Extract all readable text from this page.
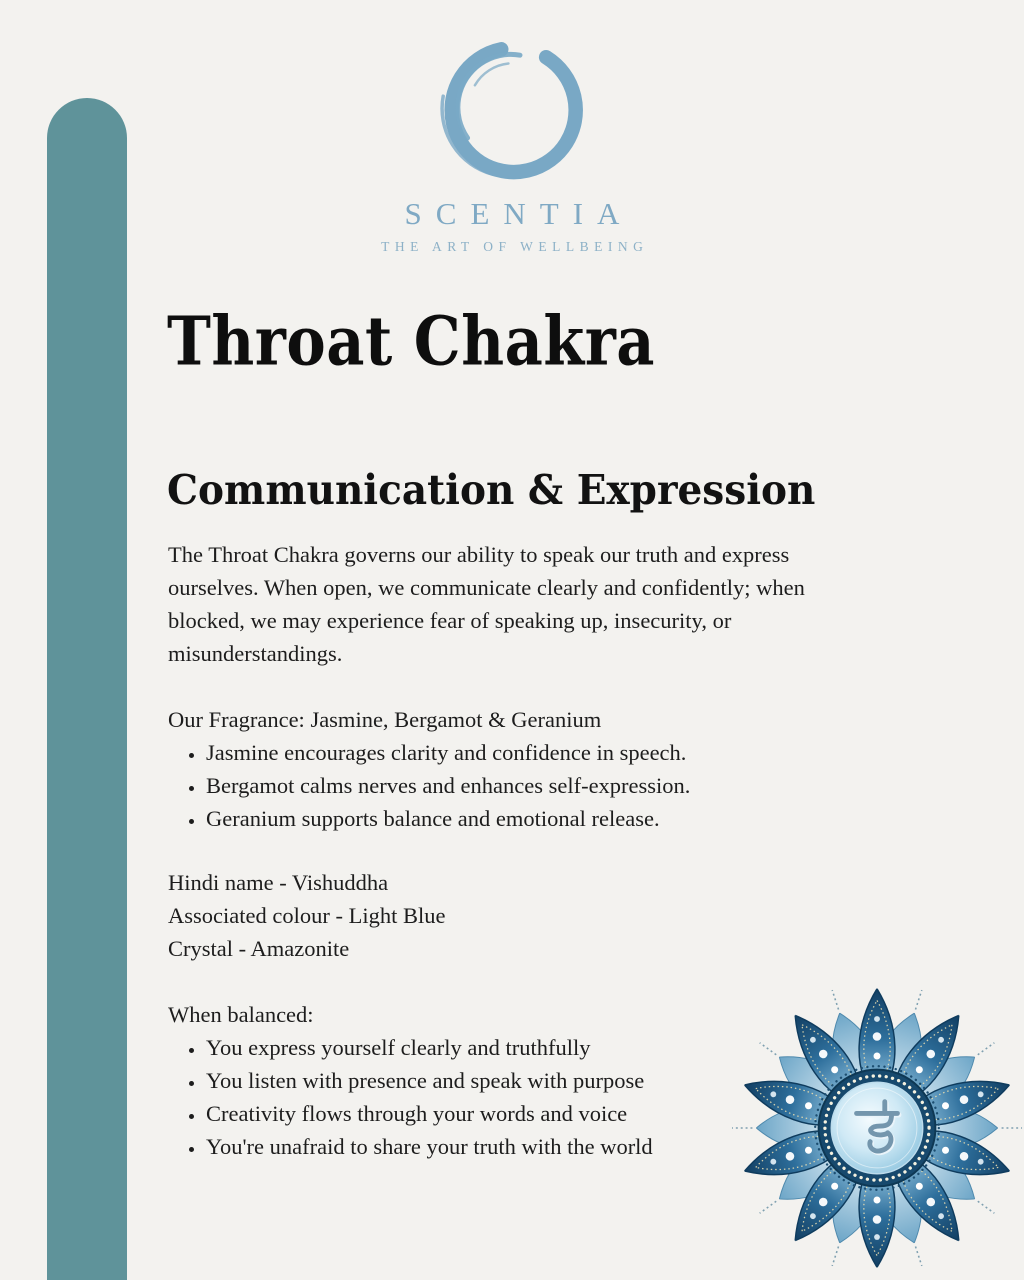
SCENTIA
THE ART OF WELLBEING
Throat Chakra
Communication & Expression
The Throat Chakra governs our ability to speak our truth and express
ourselves. When open, we communicate clearly and confidently; when
blocked, we may experience fear of speaking up, insecurity, or
misunderstandings.
Our Fragrance: Jasmine, Bergamot & Geranium
• Jasmine encourages clarity and confidence in speech.
• Bergamot calms nerves and enhances self-expression.
• Geranium supports balance and emotional release.
Hindi name - Vishuddha
Associated colour - Light Blue
Crystal - Amazonite
When balanced:
• You express yourself clearly and truthfully
• You listen with presence and speak with purpose
• Creativity flows through your words and voice
• You're unafraid to share your truth with the world
